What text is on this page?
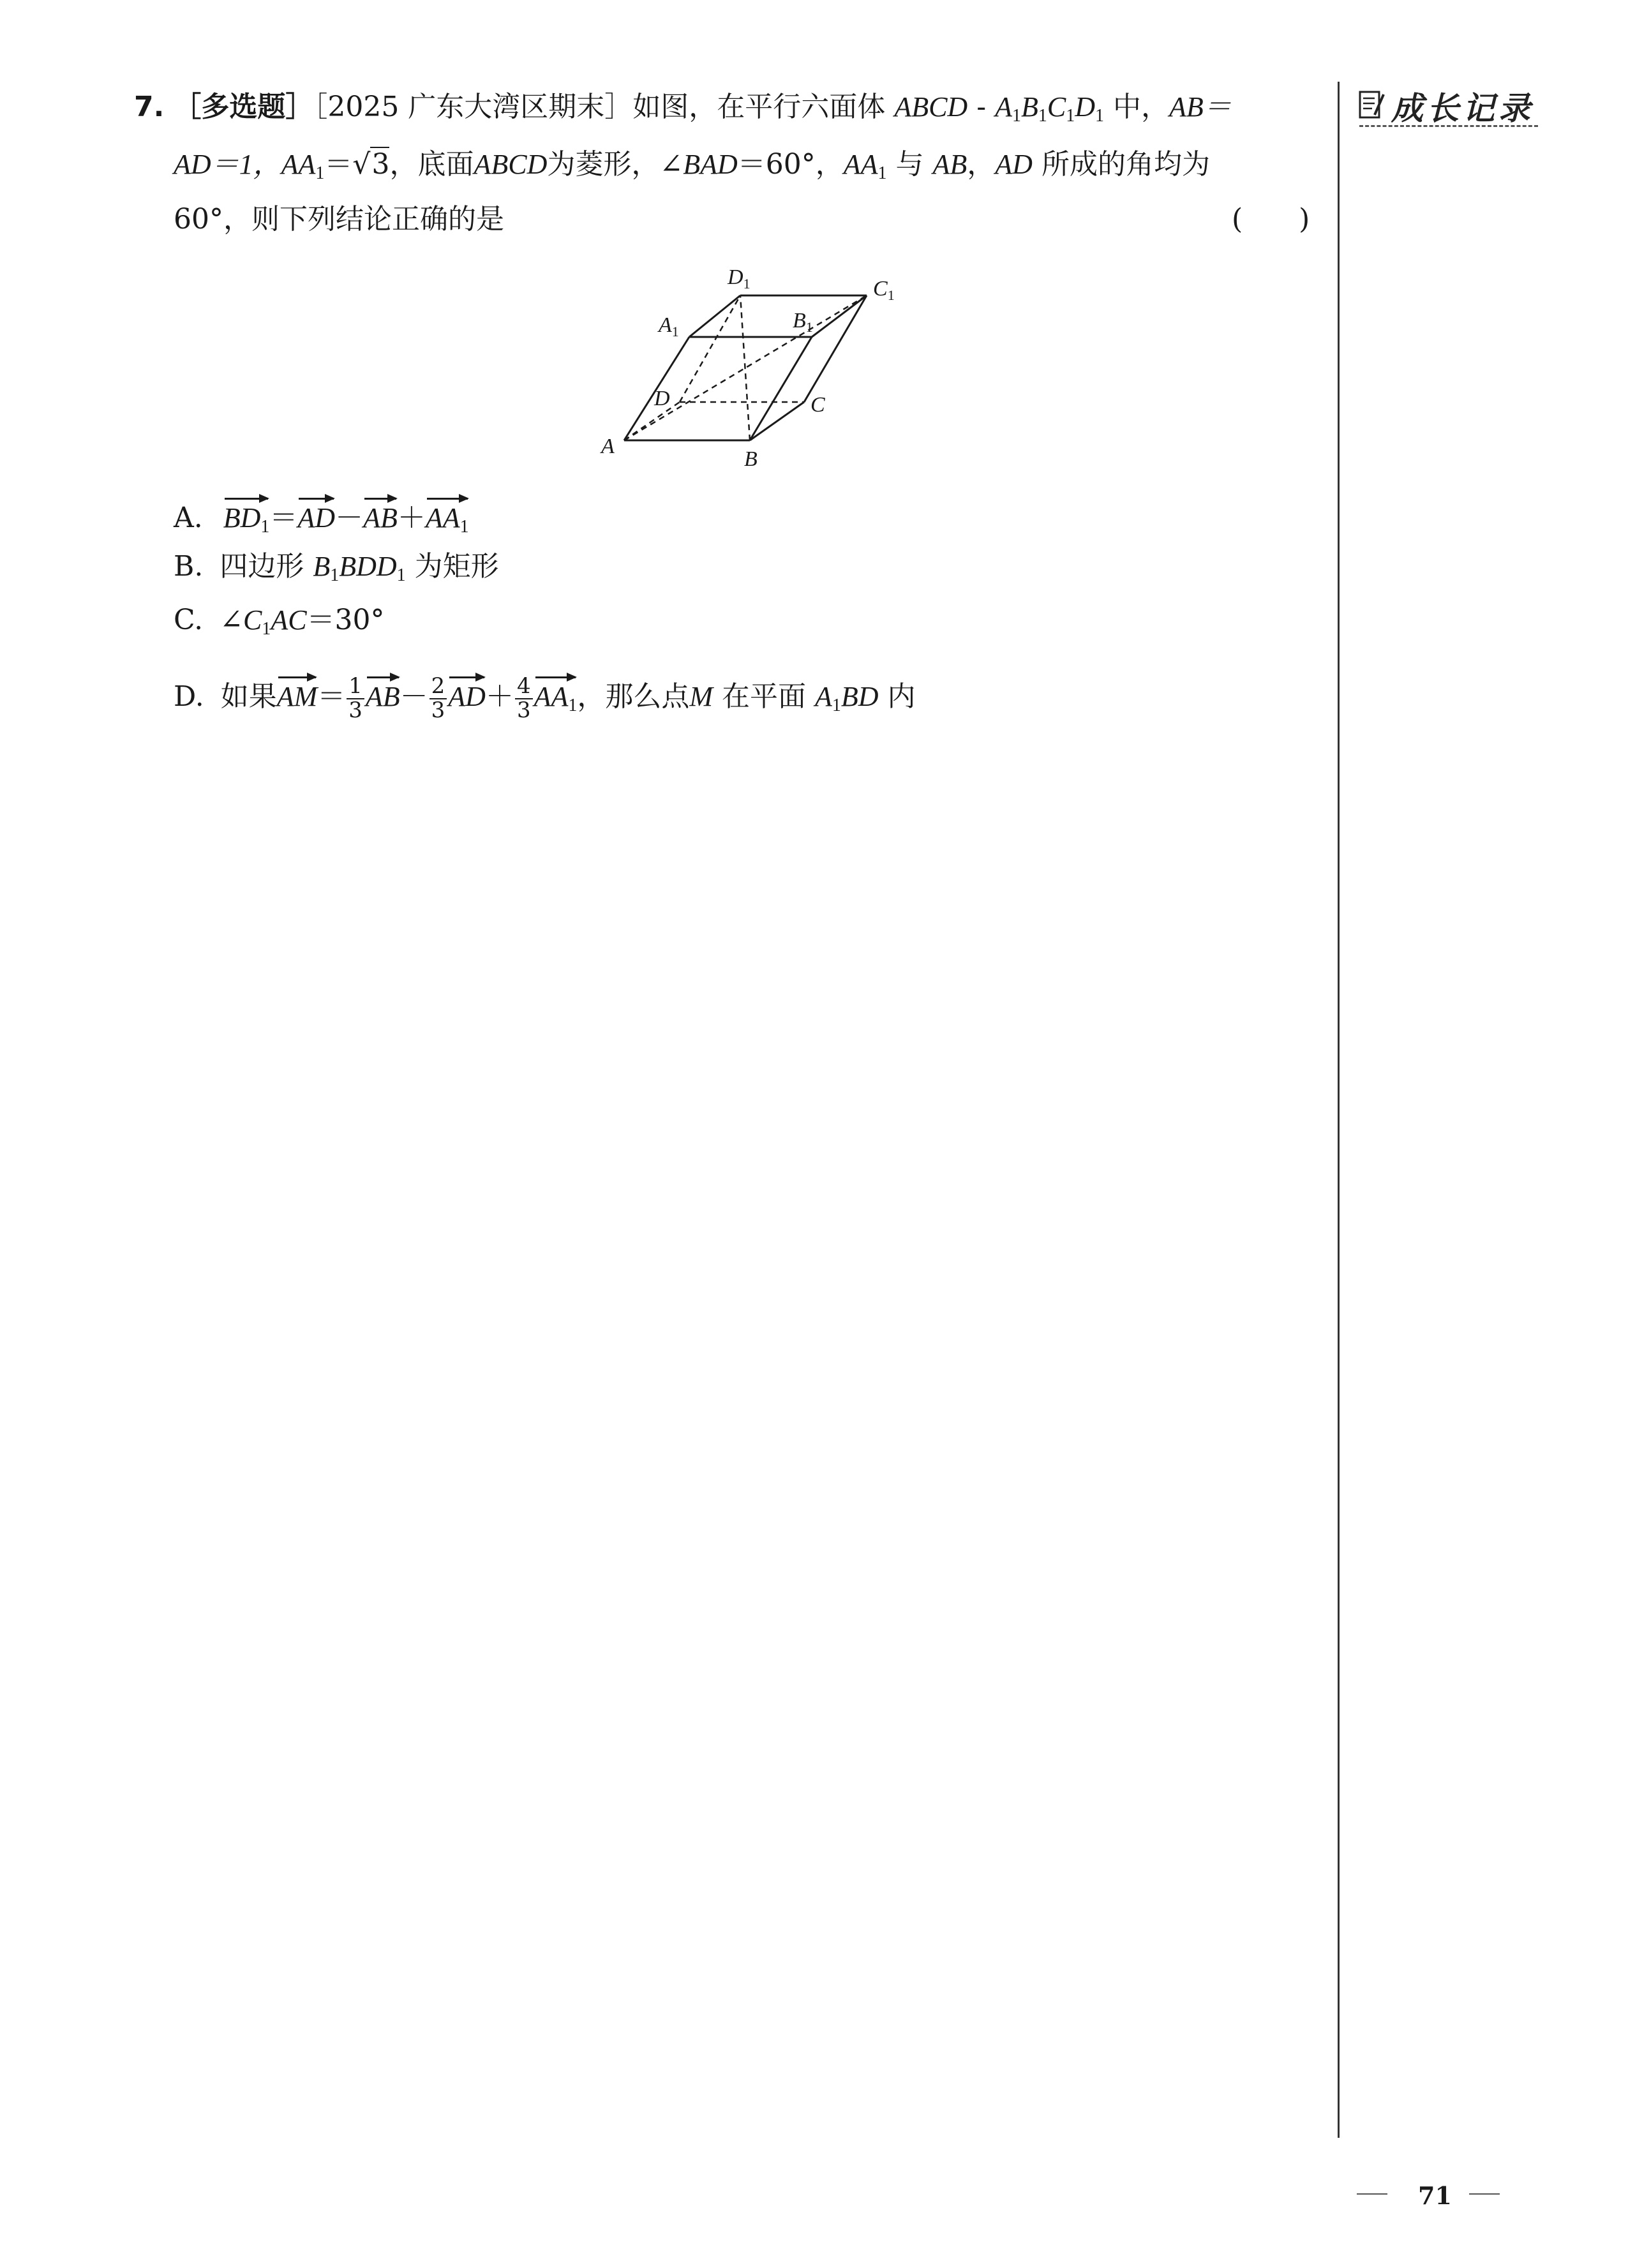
7. ［多选题］［2025 广东大湾区期末］如图，在平行六面体 ABCD - $A_1B_1C_1D_1$ 中，AB＝
AD＝1，$AA_1=√3$，底面ABCD为菱形，∠BAD＝60°，$AA_1$ 与 AB，AD 所成的角均为
60°，则下列结论正确的是	(　　)
A
B
C
D
$A_1$	$B_1$
$C_1$
$D_1$
A. $BD_1=AD-AB+AA_1$
B. 四边形 $B_1BDD_1$ 为矩形
C. $\angle C_1AC=30^\circ$
D. 如果$AM= \frac{1}{3} AB- \frac{2}{3} AD+ \frac{4}{3} AA_1$，那么点M 在平面 $A_1BD$ 内
成长记录
71
